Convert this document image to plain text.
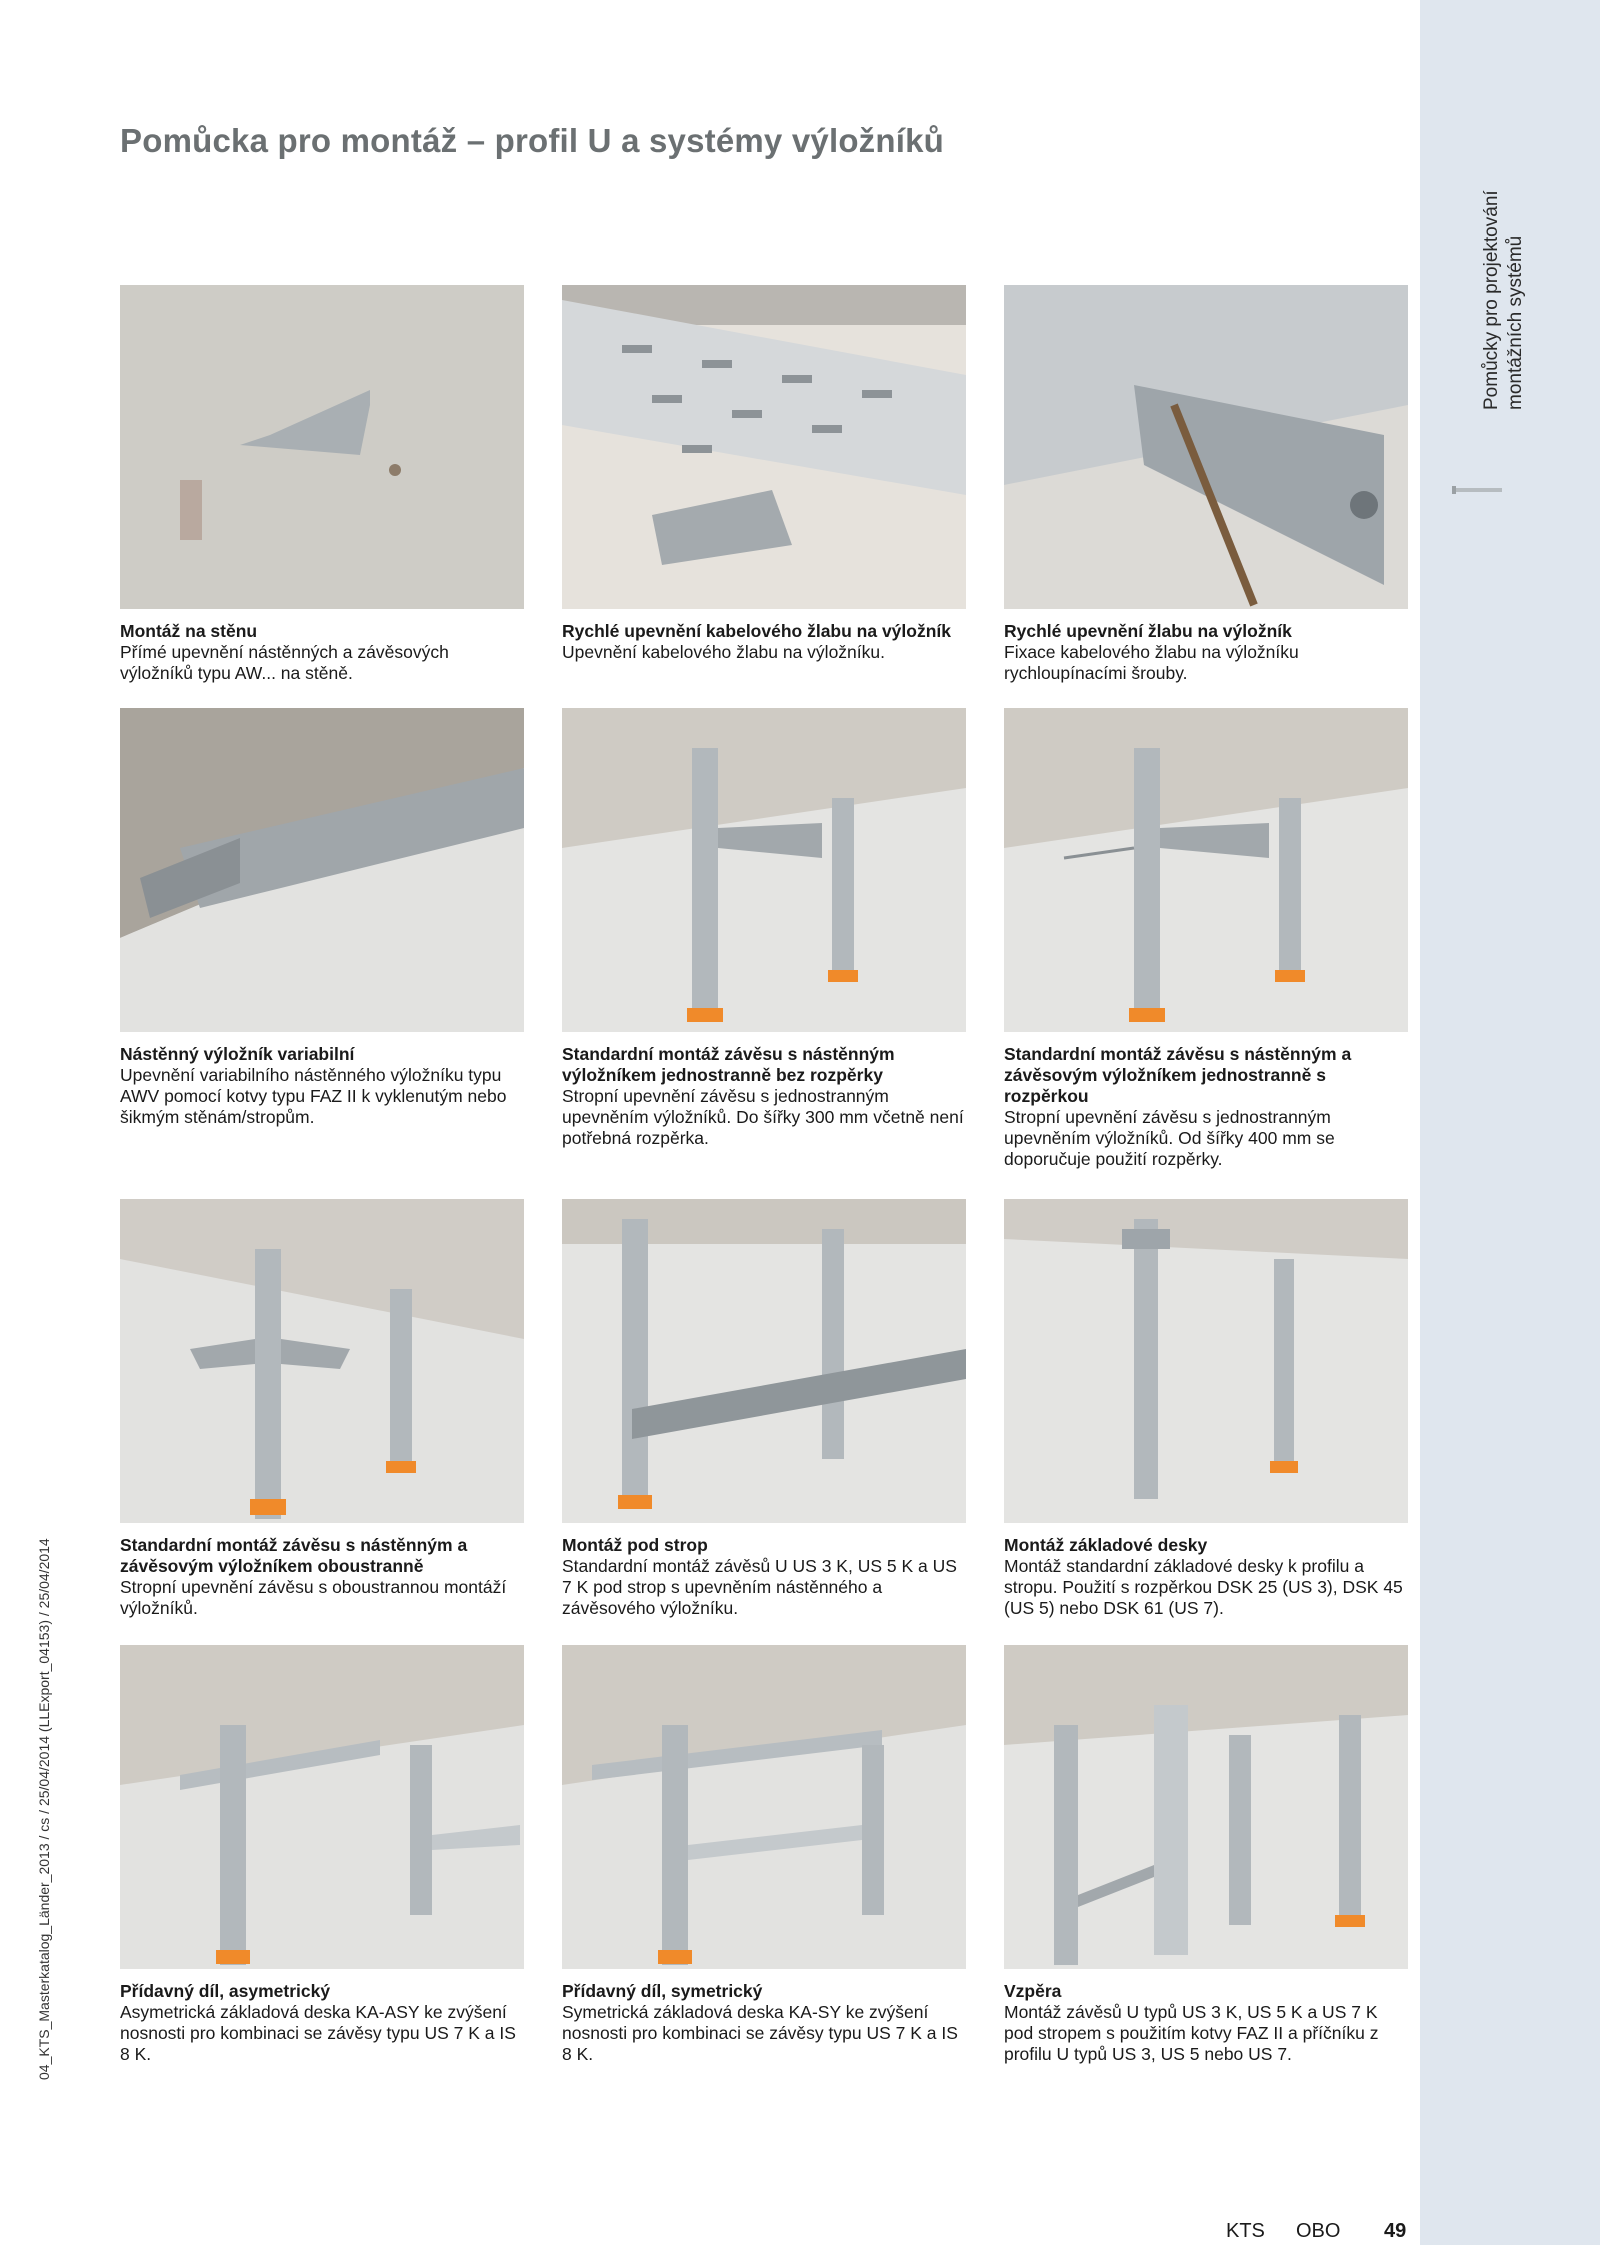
Pomůcka pro montáž – profil U a systémy výložníků
Pomůcky pro projektování montážních systémů
04_KTS_Masterkatalog_Länder_2013 / cs / 25/04/2014 (LLExport_04153) / 25/04/2014
Montáž na stěnu
Přímé upevnění nástěnných a závěsových výložníků typu AW... na stěně.
Rychlé upevnění kabelového žlabu na výložník
Upevnění kabelového žlabu na výložníku.
Rychlé upevnění žlabu na výložník
Fixace kabelového žlabu na výložníku rychloupínacími šrouby.
Nástěnný výložník variabilní
Upevnění variabilního nástěnného výložníku typu AWV pomocí kotvy typu FAZ II k vyklenutým nebo šikmým stěnám/stropům.
Standardní montáž závěsu s nástěnným výložníkem jednostranně bez rozpěrky
Stropní upevnění závěsu s jednostranným upevněním výložníků. Do šířky 300 mm včetně není potřebná rozpěrka.
Standardní montáž závěsu s nástěnným a závěsovým výložníkem jednostranně s rozpěrkou
Stropní upevnění závěsu s jednostranným upevněním výložníků. Od šířky 400 mm se doporučuje použití rozpěrky.
Standardní montáž závěsu s nástěnným a závěsovým výložníkem oboustranně
Stropní upevnění závěsu s oboustrannou montáží výložníků.
Montáž pod strop
Standardní montáž závěsů U US 3 K, US 5 K a US 7 K pod strop s upevněním nástěnného a závěsového výložníku.
Montáž základové desky
Montáž standardní základové desky k profilu a stropu. Použití s rozpěrkou DSK 25 (US 3), DSK 45 (US 5) nebo DSK 61 (US 7).
Přídavný díl, asymetrický
Asymetrická základová deska KA-ASY ke zvýšení nosnosti pro kombinaci se závěsy typu US 7 K a IS 8 K.
Přídavný díl, symetrický
Symetrická základová deska KA-SY ke zvýšení nosnosti pro kombinaci se závěsy typu US 7 K a IS 8 K.
Vzpěra
Montáž závěsů U typů US 3 K, US 5 K a US 7 K pod stropem s použitím kotvy FAZ II a příčníku z profilu U typů US 3, US 5 nebo US 7.
KTS OBO 49
